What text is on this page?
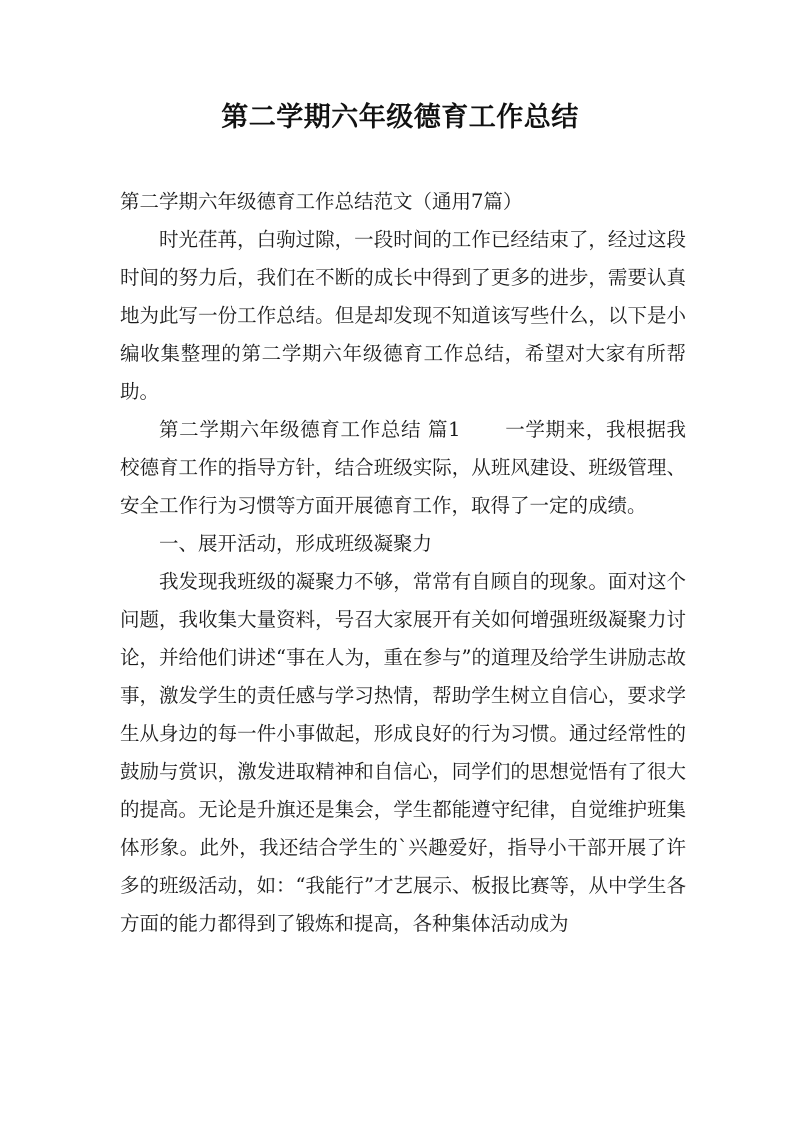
第二学期六年级德育工作总结

第二学期六年级德育工作总结范文（通用7篇）

时光荏苒，白驹过隙，一段时间的工作已经结束了，经过这段时间的努力后，我们在不断的成长中得到了更多的进步，需要认真地为此写一份工作总结。但是却发现不知道该写些什么，以下是小编收集整理的第二学期六年级德育工作总结，希望对大家有所帮助。

第二学期六年级德育工作总结 篇1 一学期来，我根据我校德育工作的指导方针，结合班级实际，从班风建设、班级管理、安全工作行为习惯等方面开展德育工作，取得了一定的成绩。

一、展开活动，形成班级凝聚力

我发现我班级的凝聚力不够，常常有自顾自的现象。面对这个问题，我收集大量资料，号召大家展开有关如何增强班级凝聚力讨论，并给他们讲述“事在人为，重在参与”的道理及给学生讲励志故事，激发学生的责任感与学习热情，帮助学生树立自信心，要求学生从身边的每一件小事做起，形成良好的行为习惯。通过经常性的鼓励与赏识，激发进取精神和自信心，同学们的思想觉悟有了很大的提高。无论是升旗还是集会，学生都能遵守纪律，自觉维护班集体形象。此外，我还结合学生的`兴趣爱好，指导小干部开展了许多的班级活动，如：“我能行”才艺展示、板报比赛等，从中学生各方面的能力都得到了锻炼和提高，各种集体活动成为
